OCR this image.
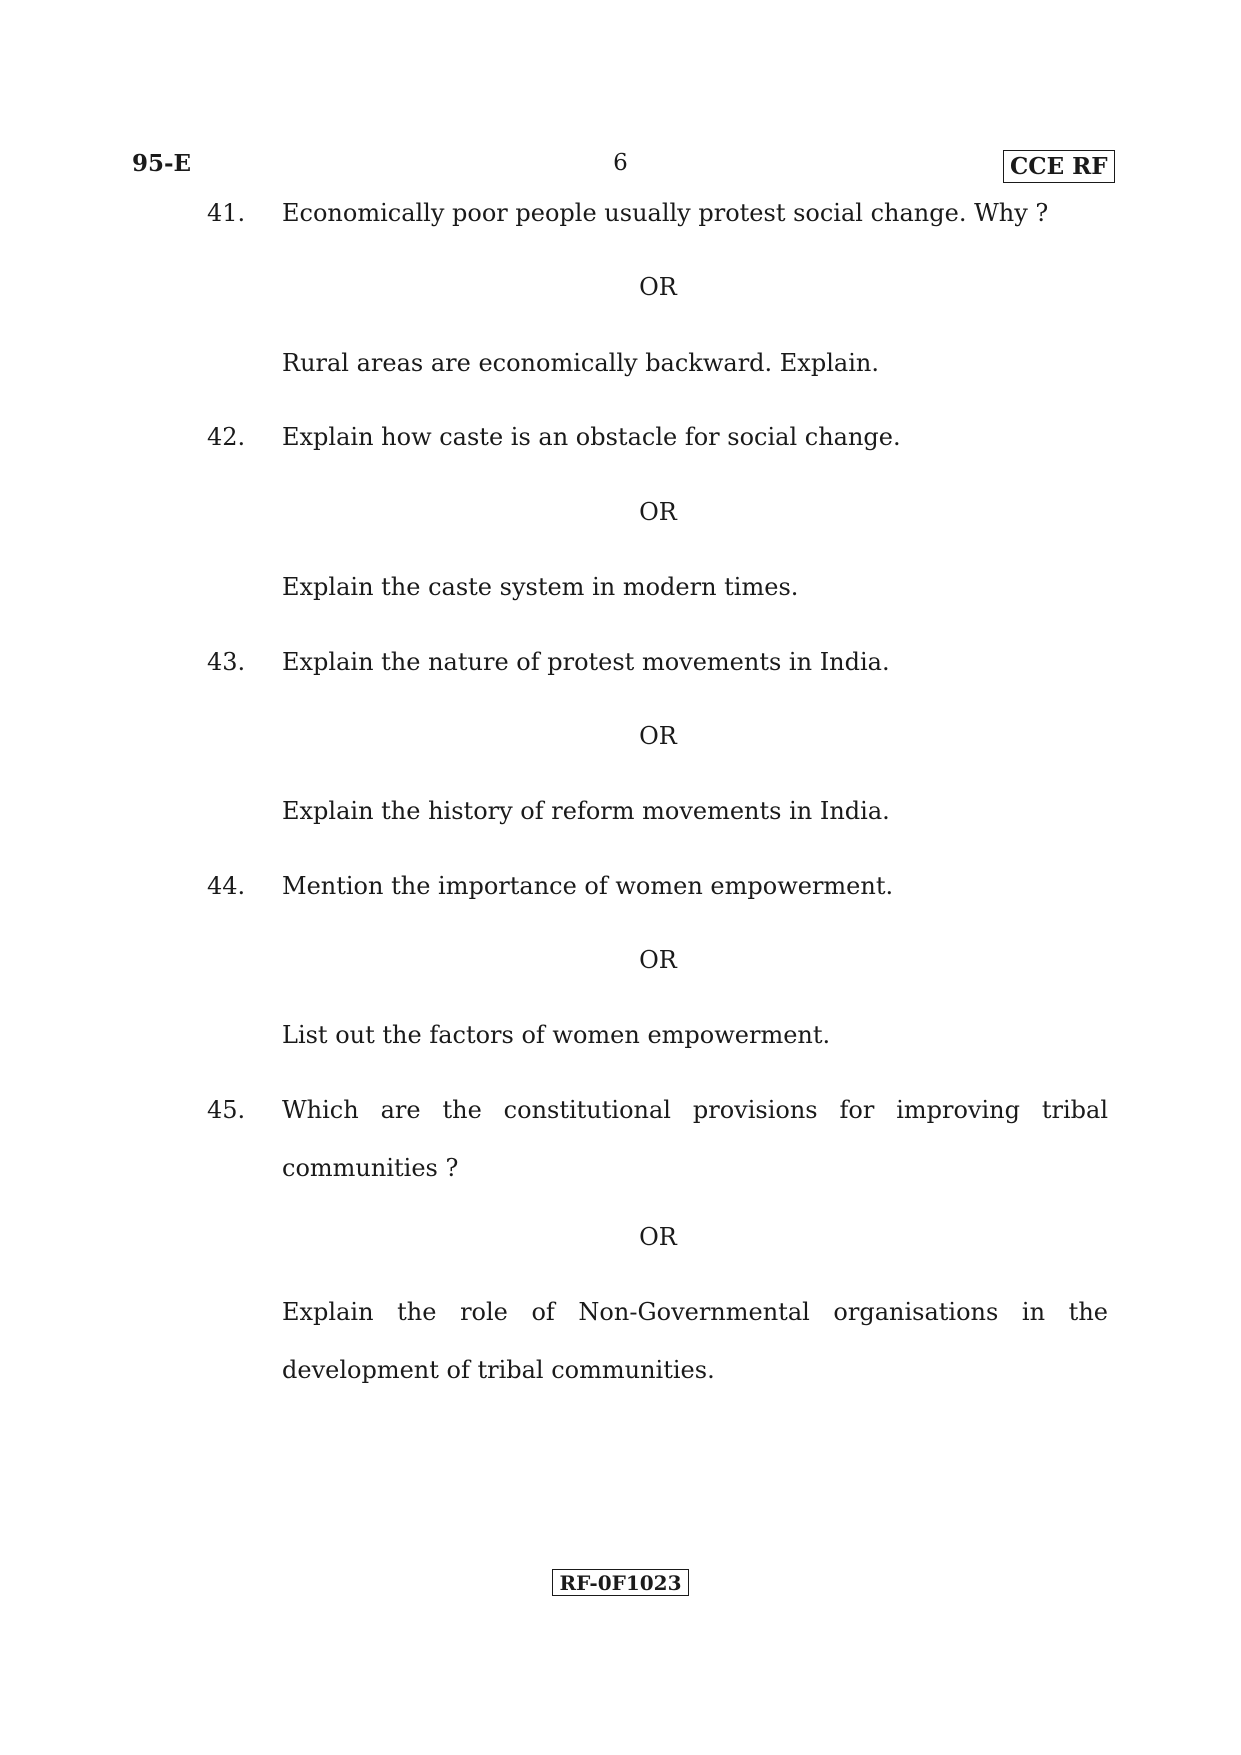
95-E	6	CCE RF
41. Economically poor people usually protest social change. Why ?
OR
Rural areas are economically backward. Explain.
42. Explain how caste is an obstacle for social change.
OR
Explain the caste system in modern times.
43. Explain the nature of protest movements in India.
OR
Explain the history of reform movements in India.
44. Mention the importance of women empowerment.
OR
List out the factors of women empowerment.
45. Which are the constitutional provisions for improving tribal communities ?
OR
Explain the role of Non-Governmental organisations in the development of tribal communities.
RF-0F1023
